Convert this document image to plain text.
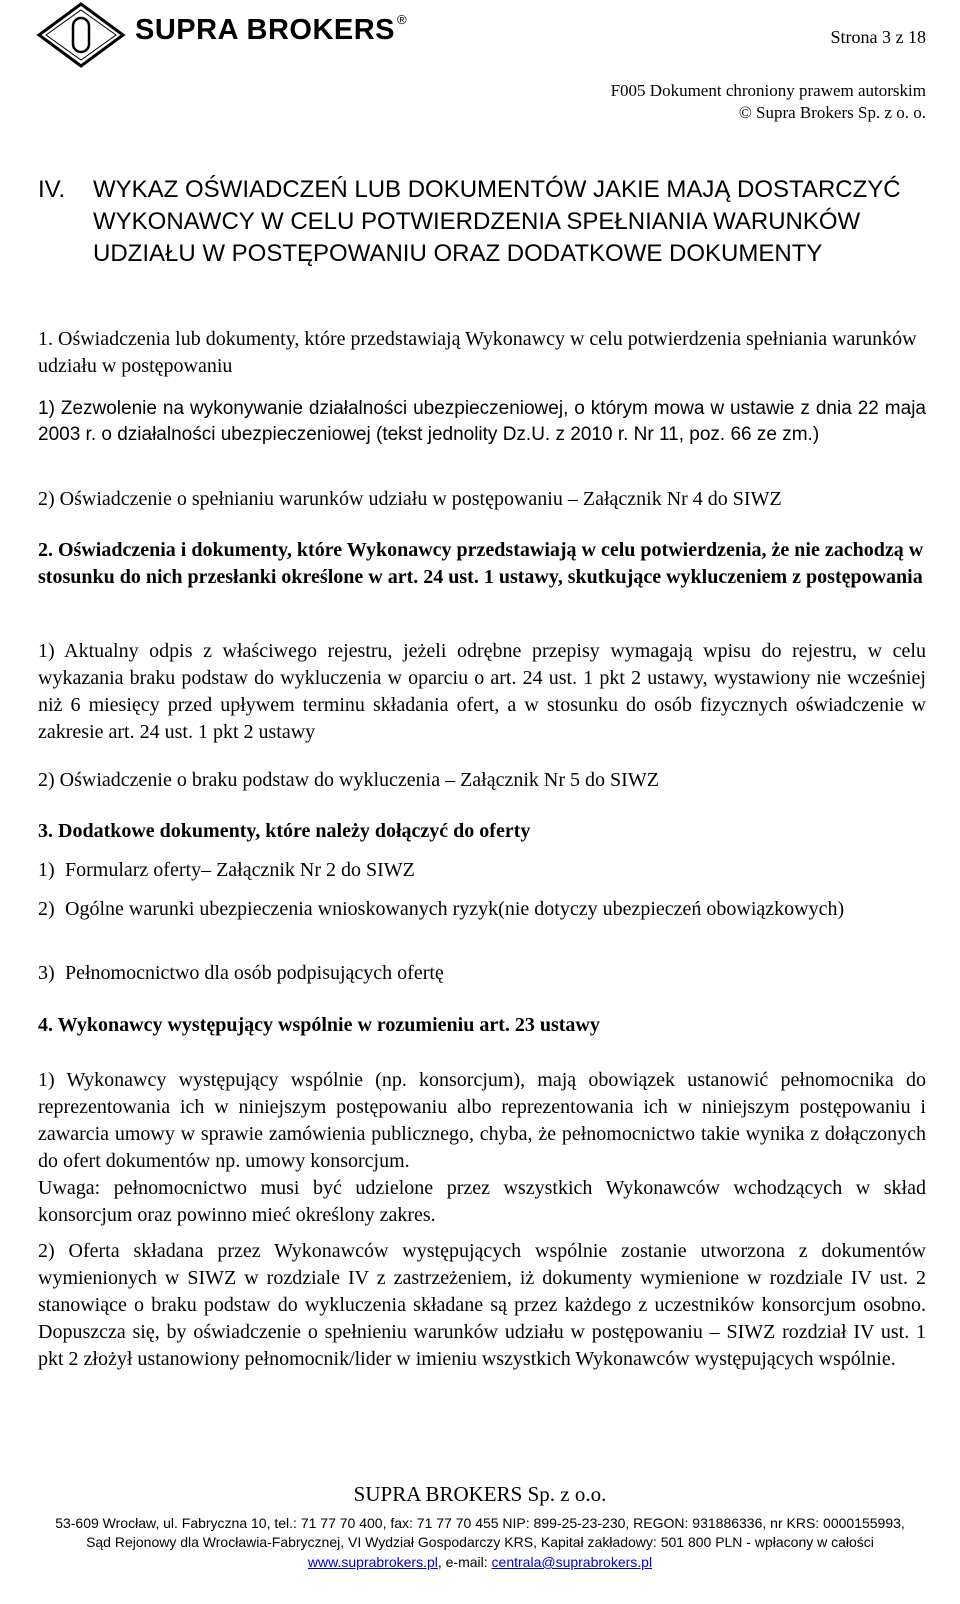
SUPRA BROKERS ®
Strona 3 z 18
F005 Dokument chroniony prawem autorskim
© Supra Brokers Sp. z o. o.
IV. WYKAZ OŚWIADCZEŃ LUB DOKUMENTÓW JAKIE MAJĄ DOSTARCZYĆ WYKONAWCY W CELU POTWIERDZENIA SPEŁNIANIA WARUNKÓW UDZIAŁU W POSTĘPOWANIU ORAZ DODATKOWE DOKUMENTY
1. Oświadczenia lub dokumenty, które przedstawiają Wykonawcy w celu potwierdzenia spełniania warunków udziału w postępowaniu
1) Zezwolenie na wykonywanie działalności ubezpieczeniowej, o którym mowa w ustawie z dnia 22 maja 2003 r. o działalności ubezpieczeniowej (tekst jednolity Dz.U. z 2010 r. Nr 11, poz. 66 ze zm.)
2) Oświadczenie o spełnianiu warunków udziału w postępowaniu – Załącznik Nr 4 do SIWZ
2. Oświadczenia i dokumenty, które Wykonawcy przedstawiają w celu potwierdzenia, że nie zachodzą w stosunku do nich przesłanki określone w art. 24 ust. 1 ustawy, skutkujące wykluczeniem z postępowania
1) Aktualny odpis z właściwego rejestru, jeżeli odrębne przepisy wymagają wpisu do rejestru, w celu wykazania braku podstaw do wykluczenia w oparciu o art. 24 ust. 1 pkt 2 ustawy, wystawiony nie wcześniej niż 6 miesięcy przed upływem terminu składania ofert, a w stosunku do osób fizycznych oświadczenie w zakresie art. 24 ust. 1 pkt 2 ustawy
2) Oświadczenie o braku podstaw do wykluczenia – Załącznik Nr 5 do SIWZ
3. Dodatkowe dokumenty, które należy dołączyć do oferty
1) Formularz oferty– Załącznik Nr 2 do SIWZ
2) Ogólne warunki ubezpieczenia wnioskowanych ryzyk(nie dotyczy ubezpieczeń obowiązkowych)
3) Pełnomocnictwo dla osób podpisujących ofertę
4. Wykonawcy występujący wspólnie w rozumieniu art. 23 ustawy
1) Wykonawcy występujący wspólnie (np. konsorcjum), mają obowiązek ustanowić pełnomocnika do reprezentowania ich w niniejszym postępowaniu albo reprezentowania ich w niniejszym postępowaniu i zawarcia umowy w sprawie zamówienia publicznego, chyba, że pełnomocnictwo takie wynika z dołączonych do ofert dokumentów np. umowy konsorcjum.
Uwaga: pełnomocnictwo musi być udzielone przez wszystkich Wykonawców wchodzących w skład konsorcjum oraz powinno mieć określony zakres.
2) Oferta składana przez Wykonawców występujących wspólnie zostanie utworzona z dokumentów wymienionych w SIWZ w rozdziale IV z zastrzeżeniem, iż dokumenty wymienione w rozdziale IV ust. 2 stanowiące o braku podstaw do wykluczenia składane są przez każdego z uczestników konsorcjum osobno. Dopuszcza się, by oświadczenie o spełnieniu warunków udziału w postępowaniu – SIWZ rozdział IV ust. 1 pkt 2 złożył ustanowiony pełnomocnik/lider w imieniu wszystkich Wykonawców występujących wspólnie.
SUPRA BROKERS Sp. z o.o.
53-609 Wrocław, ul. Fabryczna 10, tel.: 71 77 70 400, fax: 71 77 70 455 NIP: 899-25-23-230, REGON: 931886336, nr KRS: 0000155993,
Sąd Rejonowy dla Wrocławia-Fabrycznej, VI Wydział Gospodarczy KRS, Kapitał zakładowy: 501 800 PLN - wpłacony w całości
www.suprabrokers.pl, e-mail: centrala@suprabrokers.pl
